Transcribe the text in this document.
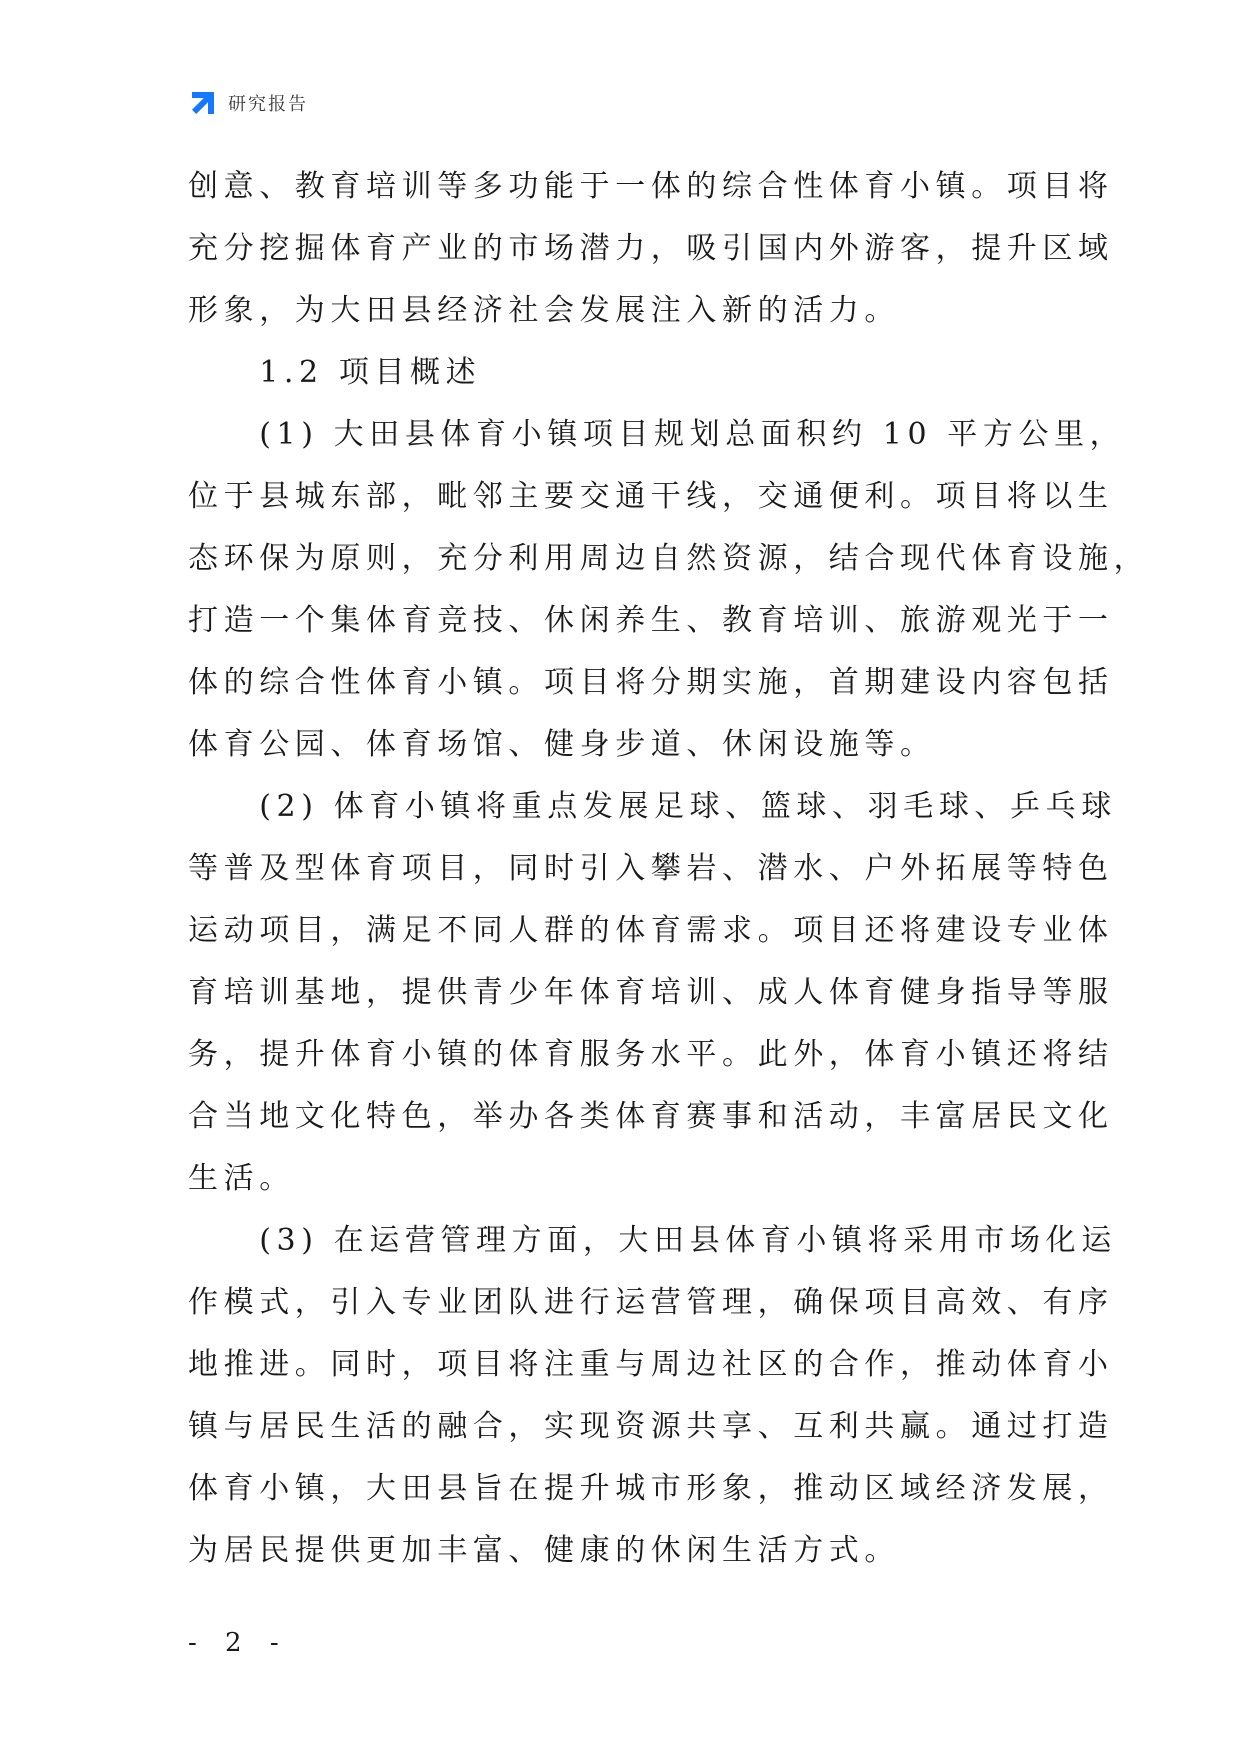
研究报告
创意、教育培训等多功能于一体的综合性体育小镇。项目将
充分挖掘体育产业的市场潜力，吸引国内外游客，提升区域
形象，为大田县经济社会发展注入新的活力。
　　1.2 项目概述
　　(1) 大田县体育小镇项目规划总面积约 10 平方公里，
位于县城东部，毗邻主要交通干线，交通便利。项目将以生
态环保为原则，充分利用周边自然资源，结合现代体育设施，
打造一个集体育竞技、休闲养生、教育培训、旅游观光于一
体的综合性体育小镇。项目将分期实施，首期建设内容包括
体育公园、体育场馆、健身步道、休闲设施等。
　　(2) 体育小镇将重点发展足球、篮球、羽毛球、乒乓球
等普及型体育项目，同时引入攀岩、潜水、户外拓展等特色
运动项目，满足不同人群的体育需求。项目还将建设专业体
育培训基地，提供青少年体育培训、成人体育健身指导等服
务，提升体育小镇的体育服务水平。此外，体育小镇还将结
合当地文化特色，举办各类体育赛事和活动，丰富居民文化
生活。
　　(3) 在运营管理方面，大田县体育小镇将采用市场化运
作模式，引入专业团队进行运营管理，确保项目高效、有序
地推进。同时，项目将注重与周边社区的合作，推动体育小
镇与居民生活的融合，实现资源共享、互利共赢。通过打造
体育小镇，大田县旨在提升城市形象，推动区域经济发展，
为居民提供更加丰富、健康的休闲生活方式。
- 2 -
